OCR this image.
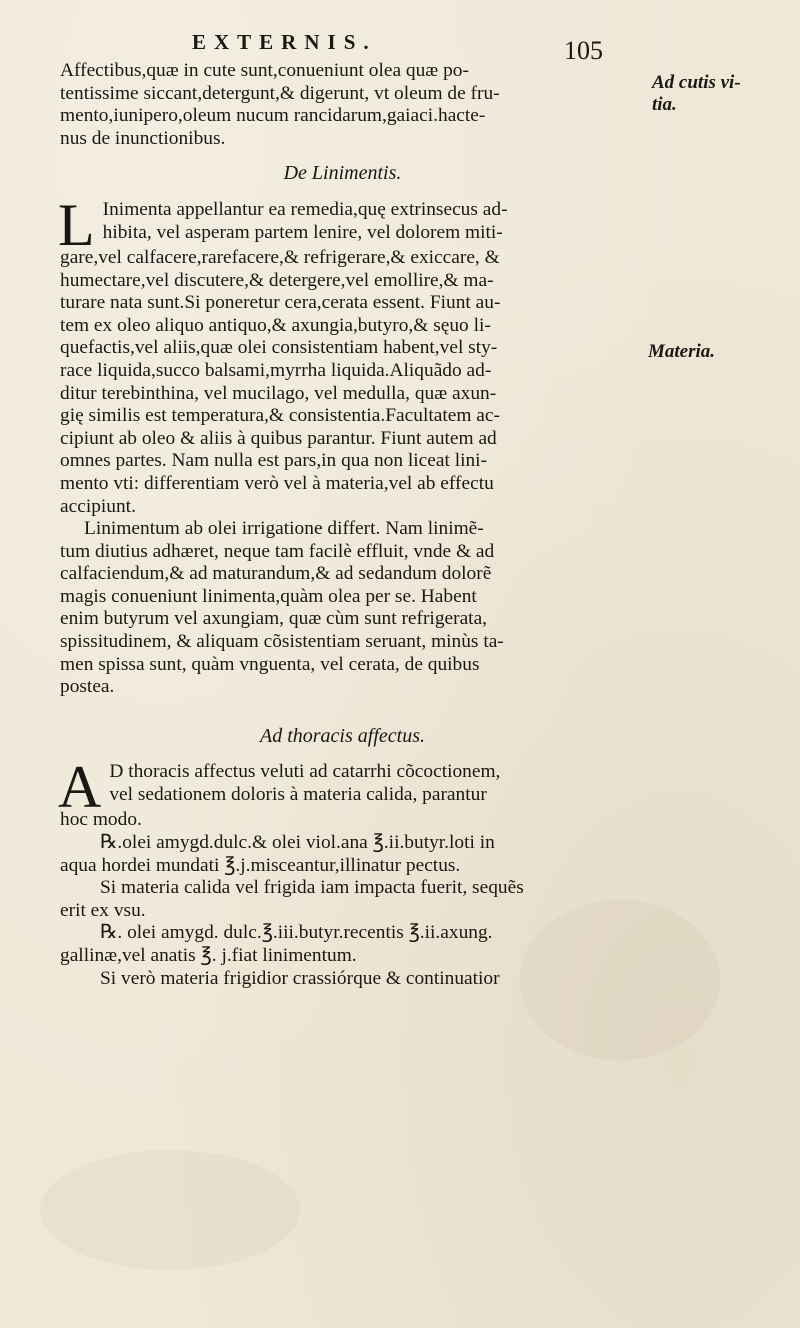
EXTERNIS.	105
Ad cutis vi-
tia.
Materia.

Affectibus,quæ in cute sunt,conueniunt olea quæ po-
tentissime siccant,detergunt,& digerunt, vt oleum de fru-
mento,iunipero,oleum nucum rancidarum,gaiaci.hacte-
nus de inunctionibus.

De Linimentis.

L Inimenta appellantur ea remedia,quę extrinsecus ad-
hibita, vel asperam partem lenire, vel dolorem miti-
gare,vel calfacere,rarefacere,& refrigerare,& exiccare, &
humectare,vel discutere,& detergere,vel emollire,& ma-
turare nata sunt.Si poneretur cera,cerata essent. Fiunt au-
tem ex oleo aliquo antiquo,& axungia,butyro,& sęuo li-
quefactis,vel aliis,quæ olei consistentiam habent,vel sty-
race liquida,succo balsami,myrrha liquida.Aliquãdo ad-
ditur terebinthina, vel mucilago, vel medulla, quæ axun-
gię similis est temperatura,& consistentia.Facultatem ac-
cipiunt ab oleo & aliis à quibus parantur. Fiunt autem ad
omnes partes. Nam nulla est pars,in qua non liceat lini-
mento vti: differentiam verò vel à materia,vel ab effectu
accipiunt.

Linimentum ab olei irrigatione differt. Nam linimẽ-
tum diutius adhæret, neque tam facilè effluit, vnde & ad
calfaciendum,& ad maturandum,& ad sedandum dolorẽ
magis conueniunt linimenta,quàm olea per se. Habent
enim butyrum vel axungiam, quæ cùm sunt refrigerata,
spissitudinem, & aliquam cõsistentiam seruant, minùs ta-
men spissa sunt, quàm vnguenta, vel cerata, de quibus
postea.

Ad thoracis affectus.

A D thoracis affectus veluti ad catarrhi cõcoctionem,
vel sedationem doloris à materia calida, parantur
hoc modo.

℞.olei amygd.dulc.& olei viol.ana ℥.ii.butyr.loti in
aqua hordei mundati ℥.j.misceantur,illinatur pectus.

Si materia calida vel frigida iam impacta fuerit, sequẽs
erit ex vsu.

℞. olei amygd. dulc.℥.iii.butyr.recentis ℥.ii.axung.
gallinæ,vel anatis ℥. j.fiat linimentum.

Si verò materia frigidior crassiórque & continuatior
